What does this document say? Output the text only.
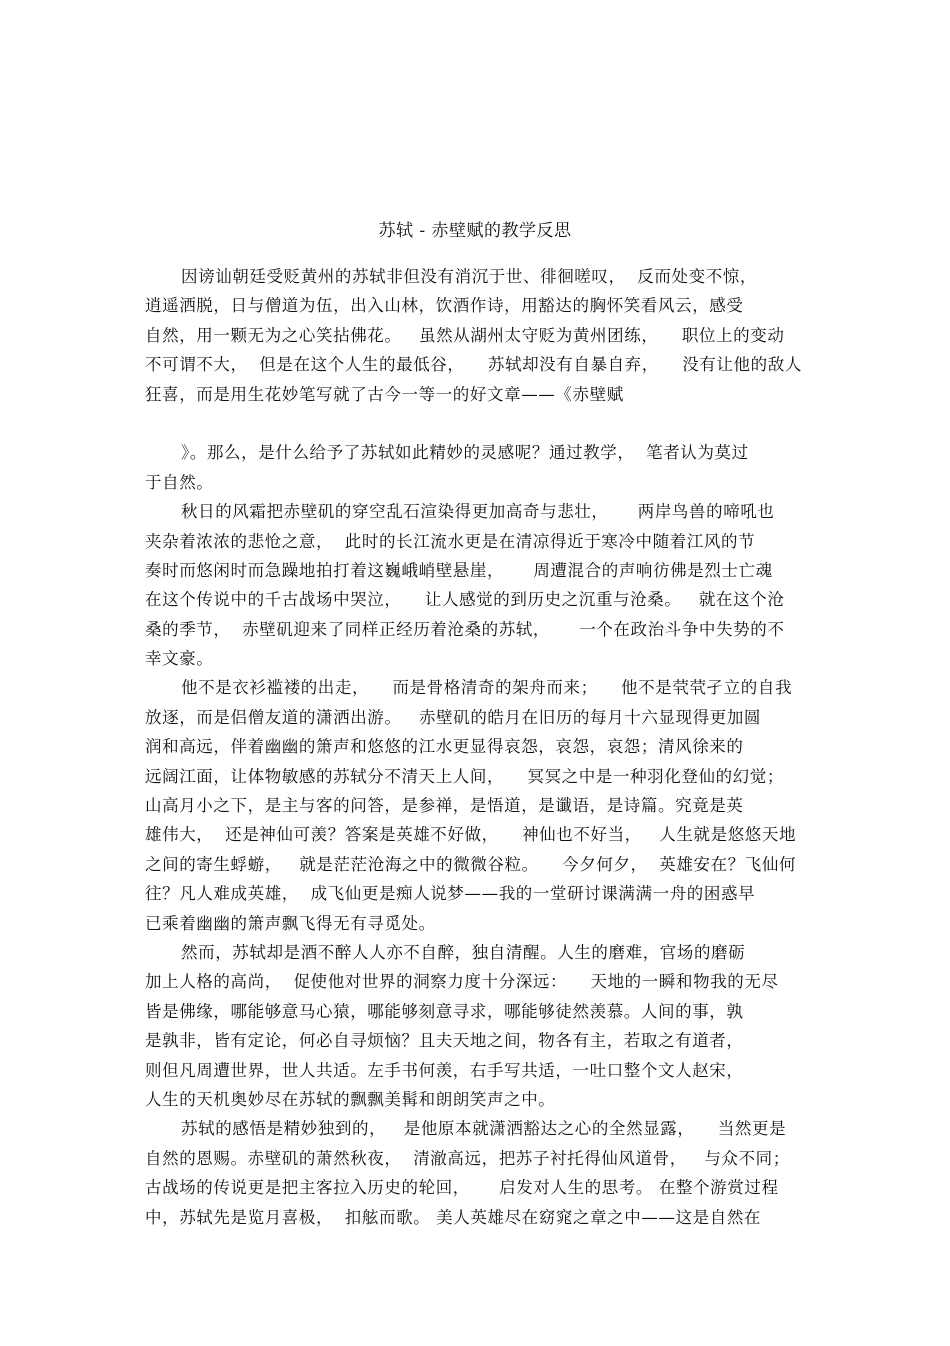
苏轼 - 赤壁赋的教学反思
因谤讪朝廷受贬黄州的苏轼非但没有消沉于世、徘徊嗟叹，  反而处变不惊，
逍遥洒脱，日与僧道为伍，出入山林，饮酒作诗，用豁达的胸怀笑看风云，感受
自然，用一颗无为之心笑拈佛花。   虽然从湖州太守贬为黄州团练，    职位上的变动
不可谓不大，  但是在这个人生的最低谷，    苏轼却没有自暴自弃，    没有让他的敌人
狂喜，而是用生花妙笔写就了古今一等一的好文章——《赤壁赋
》。那么，是什么给予了苏轼如此精妙的灵感呢？通过教学，  笔者认为莫过
于自然。
秋日的风霜把赤壁矶的穿空乱石渲染得更加高奇与悲壮，     两岸鸟兽的啼吼也
夹杂着浓浓的悲怆之意，  此时的长江流水更是在清凉得近于寒冷中随着江风的节
奏时而悠闲时而急躁地拍打着这巍峨峭壁悬崖，     周遭混合的声响彷佛是烈士亡魂
在这个传说中的千古战场中哭泣，    让人感觉的到历史之沉重与沧桑。   就在这个沧
桑的季节，  赤壁矶迎来了同样正经历着沧桑的苏轼，     一个在政治斗争中失势的不
幸文豪。
他不是衣衫褴褛的出走，    而是骨格清奇的架舟而来；    他不是茕茕孑立的自我
放逐，而是侣僧友道的潇洒出游。   赤壁矶的皓月在旧历的每月十六显现得更加圆
润和高远，伴着幽幽的箫声和悠悠的江水更显得哀怨，哀怨，哀怨；清风徐来的
远阔江面，让体物敏感的苏轼分不清天上人间，    冥冥之中是一种羽化登仙的幻觉；
山高月小之下，是主与客的问答，是参禅，是悟道，是谶语，是诗篇。究竟是英
雄伟大，  还是神仙可羡？答案是英雄不好做，    神仙也不好当，   人生就是悠悠天地
之间的寄生蜉蝣，   就是茫茫沧海之中的微微谷粒。    今夕何夕，  英雄安在？飞仙何
往？凡人难成英雄，  成飞仙更是痴人说梦——我的一堂研讨课满满一舟的困惑早
已乘着幽幽的箫声飘飞得无有寻觅处。
然而，苏轼却是酒不醉人人亦不自醉，独自清醒。人生的磨难，官场的磨砺
加上人格的高尚，  促使他对世界的洞察力度十分深远：    天地的一瞬和物我的无尽
皆是佛缘，哪能够意马心猿，哪能够刻意寻求，哪能够徒然羡慕。人间的事，孰
是孰非，皆有定论，何必自寻烦恼？且夫天地之间，物各有主，若取之有道者，
则但凡周遭世界，世人共适。左手书何羡，右手写共适，一吐口整个文人赵宋，
人生的天机奥妙尽在苏轼的飘飘美髯和朗朗笑声之中。
苏轼的感悟是精妙独到的，   是他原本就潇洒豁达之心的全然显露，    当然更是
自然的恩赐。赤壁矶的萧然秋夜，  清澈高远，把苏子衬托得仙风道骨，   与众不同；
古战场的传说更是把主客拉入历史的轮回，     启发对人生的思考。 在整个游赏过程
中，苏轼先是览月喜极，  扣舷而歌。 美人英雄尽在窈窕之章之中——这是自然在
